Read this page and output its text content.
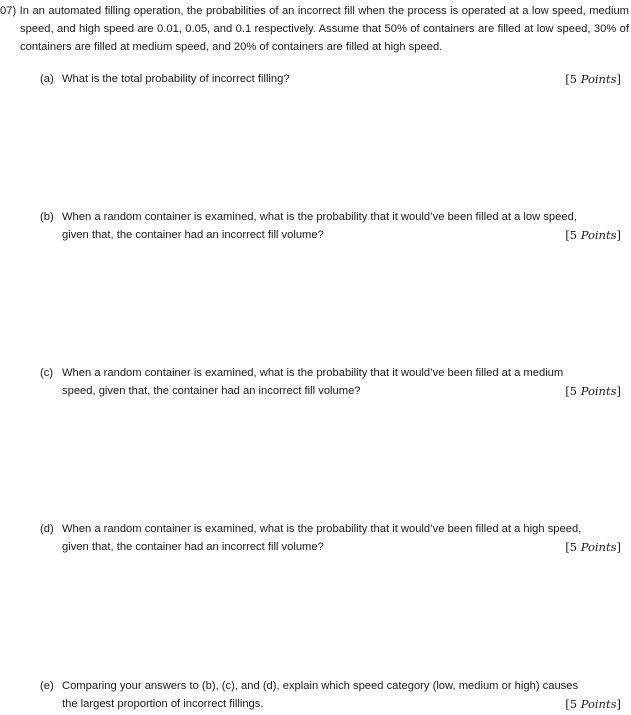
07) In an automated filling operation, the probabilities of an incorrect fill when the process is operated at a low speed, medium speed, and high speed are 0.01, 0.05, and 0.1 respectively. Assume that 50% of containers are filled at low speed, 30% of containers are filled at medium speed, and 20% of containers are filled at high speed.

(a) What is the total probability of incorrect filling?	[5 Points]
(b) When a random container is examined, what is the probability that it would’ve been filled at a low speed,
given that, the container had an incorrect fill volume?	[5 Points]
(c) When a random container is examined, what is the probability that it would’ve been filled at a medium
speed, given that, the container had an incorrect fill volume?	[5 Points]
(d) When a random container is examined, what is the probability that it would’ve been filled at a high speed,
given that, the container had an incorrect fill volume?	[5 Points]
(e) Comparing your answers to (b), (c), and (d), explain which speed category (low, medium or high) causes
the largest proportion of incorrect fillings.	[5 Points]
